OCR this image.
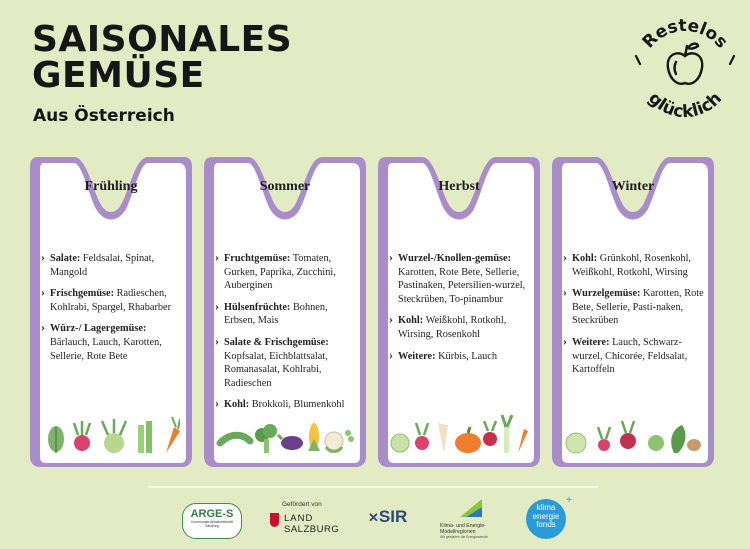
SAISONALES
GEMÜSE
Aus Österreich
Restelos
glücklich
Frühling
› Salate: Feldsalat, Spinat, Mangold
› Frischgemüse: Radieschen, Kohlrabi, Spargel, Rhabarber
› Würz-/ Lagergemüse: Bärlauch, Lauch, Karotten, Sellerie, Rote Bete
Sommer
› Fruchtgemüse: Tomaten, Gurken, Paprika, Zucchini, Auberginen
› Hülsenfrüchte: Bohnen, Erbsen, Mais
› Salate & Frischgemüse: Kopfsalat, Eichblattsalat, Romanasalat, Kohlrabi, Radieschen
› Kohl: Brokkoli, Blumenkohl
Herbst
› Wurzel-/Knollen-gemüse: Karotten, Rote Bete, Sellerie, Pastinaken, Petersilien-wurzel, Steckrüben, To-pinambur
› Kohl: Weißkohl, Rotkohl, Wirsing, Rosenkohl
› Weitere: Kürbis, Lauch
Winter
› Kohl: Grünkohl, Rosenkohl, Weißkohl, Rotkohl, Wirsing
› Wurzelgemüse: Karotten, Rote Bete, Sellerie, Pasti-naken, Steckrüben
› Weitere: Lauch, Schwarz-wurzel, Chicorée, Feldsalat, Kartoffeln
ARGE-S
Kommunale Abfallwirtschaft Salzburg
Gefördert von
LAND
SALZBURG
✕SIR	Klima- und Energie-
Modellregionen
Wir gestalten die Energiewende
klima
energie
fonds
+
